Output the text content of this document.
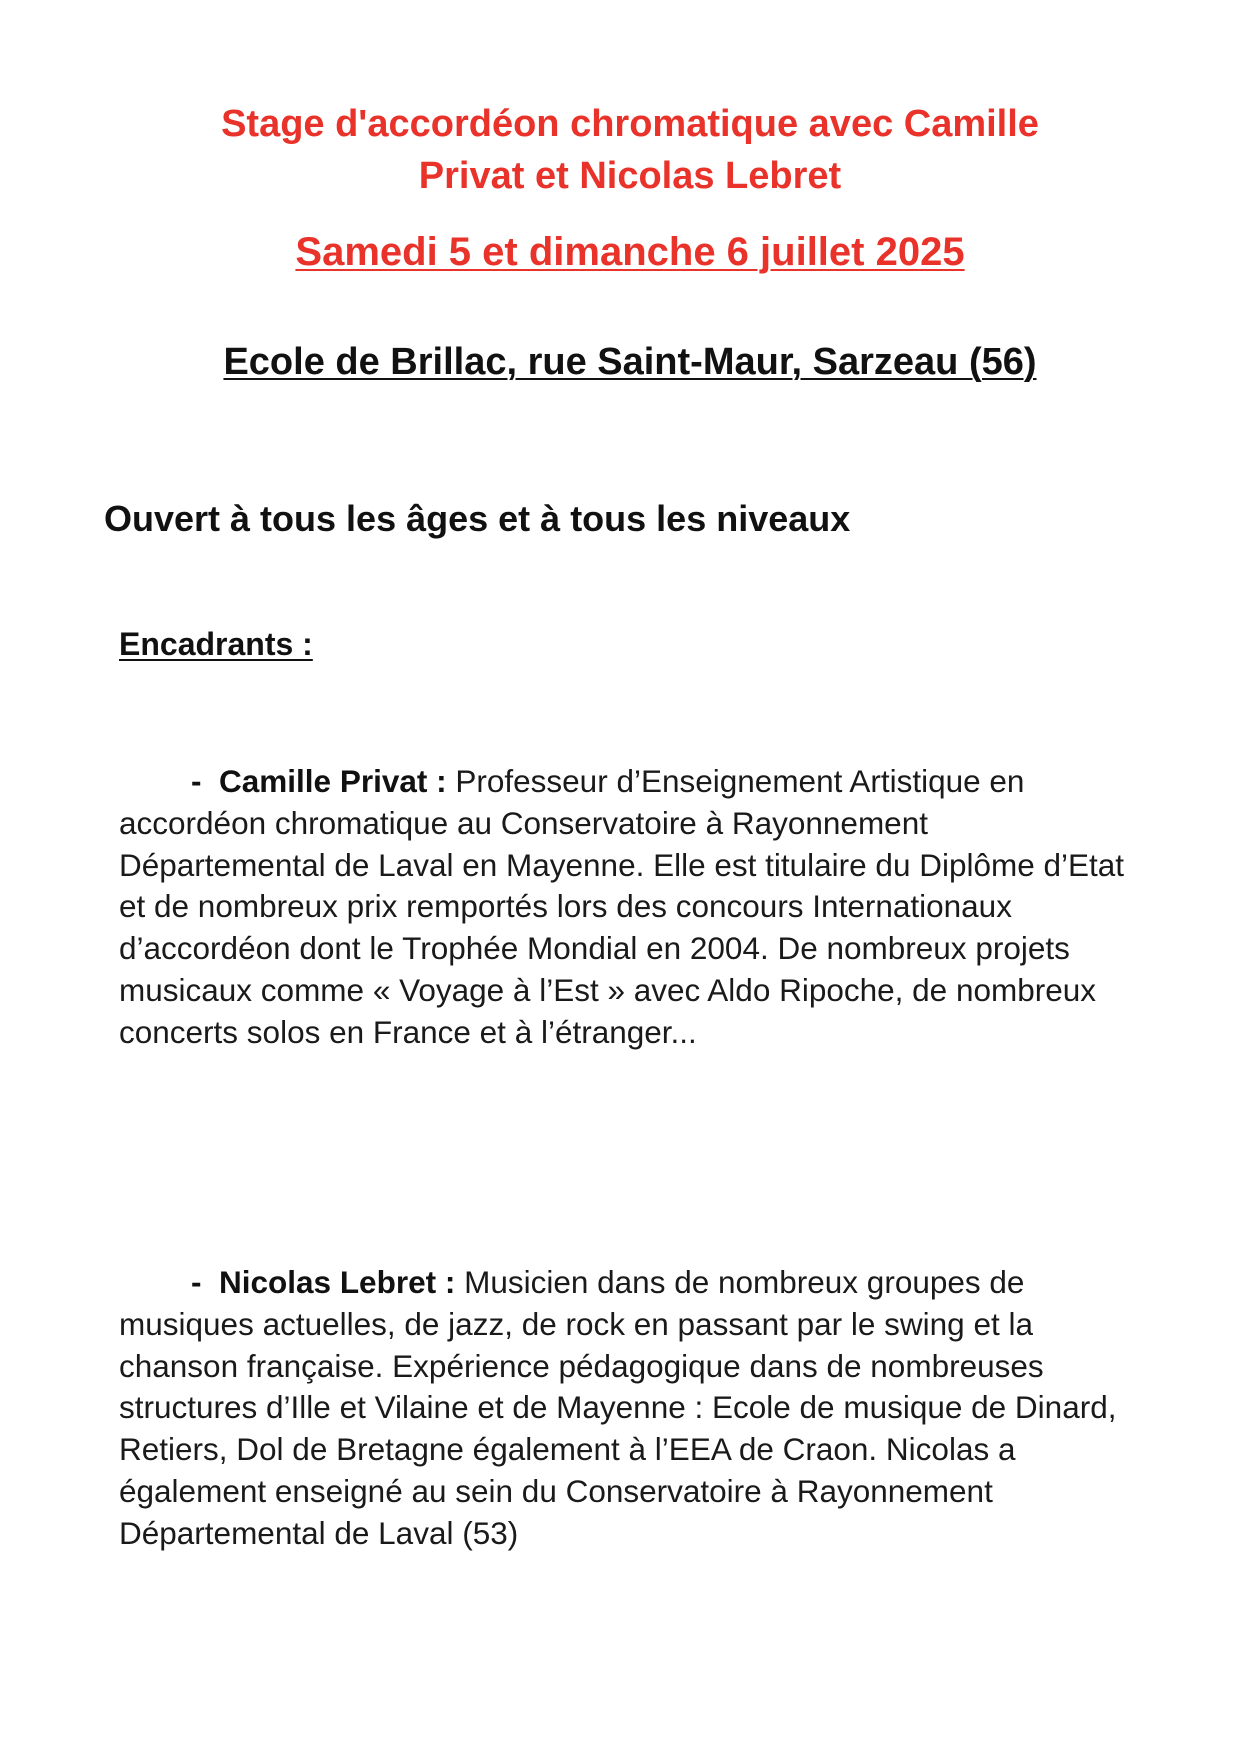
Stage d'accordéon chromatique avec Camille
Privat et Nicolas Lebret
Samedi 5 et dimanche 6 juillet 2025
Ecole de Brillac, rue Saint-Maur, Sarzeau (56)
Ouvert à tous les âges et à tous les niveaux
Encadrants :
- Camille Privat : Professeur d’Enseignement Artistique en accordéon chromatique au Conservatoire à Rayonnement Départemental de Laval en Mayenne. Elle est titulaire du Diplôme d’Etat et de nombreux prix remportés lors des concours Internationaux d’accordéon dont le Trophée Mondial en 2004. De nombreux projets musicaux comme « Voyage à l’Est » avec Aldo Ripoche, de nombreux concerts solos en France et à l’étranger...
- Nicolas Lebret : Musicien dans de nombreux groupes de musiques actuelles, de jazz, de rock en passant par le swing et la chanson française. Expérience pédagogique dans de nombreuses structures d’Ille et Vilaine et de Mayenne : Ecole de musique de Dinard, Retiers, Dol de Bretagne également à l’EEA de Craon. Nicolas a également enseigné au sein du Conservatoire à Rayonnement Départemental de Laval (53)
